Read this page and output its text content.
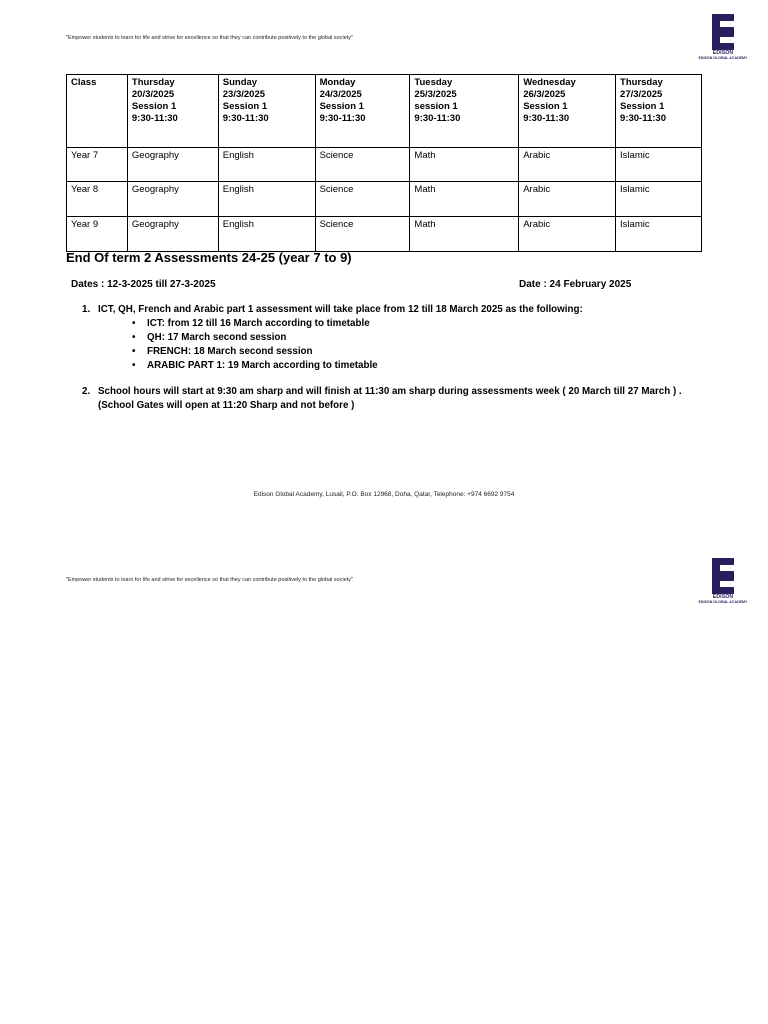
"Empower students to learn for life and strive for excellence so that they can contribute positively to the global society"
EDISON
EDISON GLOBAL ACADEMY
Class	Thursday
20/3/2025
Session 1
9:30-11:30	Sunday
23/3/2025
Session 1
9:30-11:30	Monday
24/3/2025
Session 1
9:30-11:30	Tuesday
25/3/2025
session 1
9:30-11:30	Wednesday
26/3/2025
Session 1
9:30-11:30	Thursday
27/3/2025
Session 1
9:30-11:30

Year 7	Geography	English	Science	Math	Arabic	Islamic
Year 8	Geography	English	Science	Math	Arabic	Islamic
Year 9	Geography	English	Science	Math	Arabic	Islamic
End Of term 2 Assessments 24-25 (year 7 to 9)
Dates : 12-3-2025 till 27-3-2025	Date : 24 February 2025
1. ICT, QH, French and Arabic part 1 assessment will take place from 12 till 18 March 2025 as the following:
• ICT: from 12 till 16 March according to timetable
• QH: 17 March second session
• FRENCH: 18 March second session
• ARABIC PART 1: 19 March according to timetable
2. School hours will start at 9:30 am sharp and will finish at 11:30 am sharp during assessments week ( 20 March till 27 March ) .(School Gates will open at 11:20 Sharp and not before )
Edison Global Academy, Lusail, P.O. Box 12968, Doha, Qatar, Telephone: +974 6692 9754
"Empower students to learn for life and strive for excellence so that they can contribute positively to the global society"
EDISON
EDISON GLOBAL ACADEMY
